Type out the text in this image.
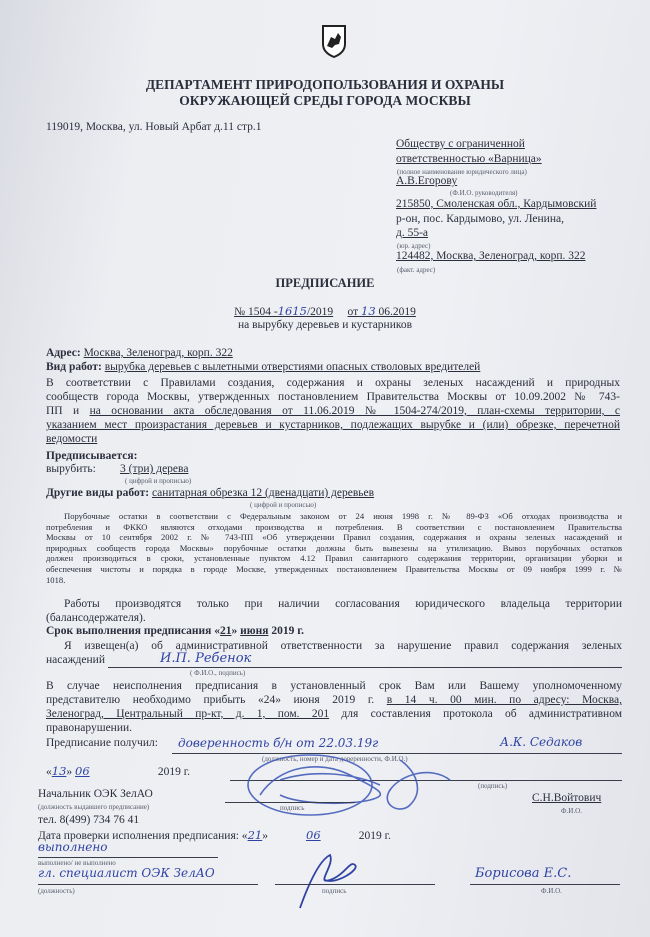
ДЕПАРТАМЕНТ ПРИРОДОПОЛЬЗОВАНИЯ И ОХРАНЫ
ОКРУЖАЮЩЕЙ СРЕДЫ ГОРОДА МОСКВЫ
119019, Москва, ул. Новый Арбат д.11 стр.1
Обществу с ограниченной
ответственностью «Варница»
(полное наименование юридического лица)
А.В.Егорову
(Ф.И.О. руководителя)
215850, Смоленская обл., Кардымовский
р-он, пос. Кардымово, ул. Ленина,
д. 55-а
(юр. адрес)
124482, Москва, Зеленоград, корп. 322
(факт. адрес)
ПРЕДПИСАНИЕ
№ 1504 -1615/2019 от 13 06.2019
на вырубку деревьев и кустарников
Адрес: Москва, Зеленоград, корп. 322
Вид работ: вырубка деревьев с вылетными отверстиями опасных стволовых вредителей
В соответствии с Правилами создания, содержания и охраны зеленых насаждений и природных
сообществ города Москвы, утвержденных постановлением Правительства Москвы от 10.09.2002 № 743-
ПП и на основании акта обследования от 11.06.2019 № 1504-274/2019, план-схемы территории, с
указанием мест произрастания деревьев и кустарников, подлежащих вырубке и (или) обрезке, перечетной
ведомости
Предписывается:
вырубить: 3 (три) дерева
( цифрой и прописью)
Другие виды работ: санитарная обрезка 12 (двенадцати) деревьев
( цифрой и прописью)
Порубочные остатки в соответствии с Федеральным законом от 24 июня 1998 г. № 89-ФЗ «Об отходах производства и
потребления и ФККО являются отходами производства и потребления. В соответствии с постановлением Правительства
Москвы от 10 сентября 2002 г. № 743-ПП «Об утверждении Правил создания, содержания и охраны зеленых насаждений и
природных сообществ города Москвы» порубочные остатки должны быть вывезены на утилизацию. Вывоз порубочных остатков
должен производиться в сроки, установленные пунктом 4.12 Правил санитарного содержания территории, организации уборки и
обеспечения чистоты и порядка в городе Москве, утвержденных постановлением Правительства Москвы от 09 ноября 1999 г. №
1018.
Работы производятся только при наличии согласования юридического владельца территории
(балансодержателя).
Срок выполнения предписания «21» июня 2019 г.
Я извещен(а) об административной ответственности за нарушение правил содержания зеленых
насаждений	И.П. Ребенок
( Ф.И.О., подпись)
В случае неисполнения предписания в установленный срок Вам или Вашему уполномоченному
представителю необходимо прибыть «24» июня 2019 г. в 14 ч. 00 мин. по адресу: Москва,
Зеленоград, Центральный пр-кт, д. 1, пом. 201 для составления протокола об административном
правонарушении.
Предписание получил: доверенность б/н от 22.03.19г	А.К. Седаков
(должность, номер и дата доверенности, Ф.И.О.)
«13» 06	2019 г.
(подпись)
Начальник ОЭК ЗелАО
(должность выдавшего предписание)	подпись
С.Н.Войтович
Ф.И.О.
тел. 8(499) 734 76 41
Дата проверки исполнения предписания: «21»	06	2019 г.
выполнено
выполнено/ не выполнено
гл. специалист ОЭК ЗелАО
(должность)	подпись
Борисова Е.С.
Ф.И.О.
